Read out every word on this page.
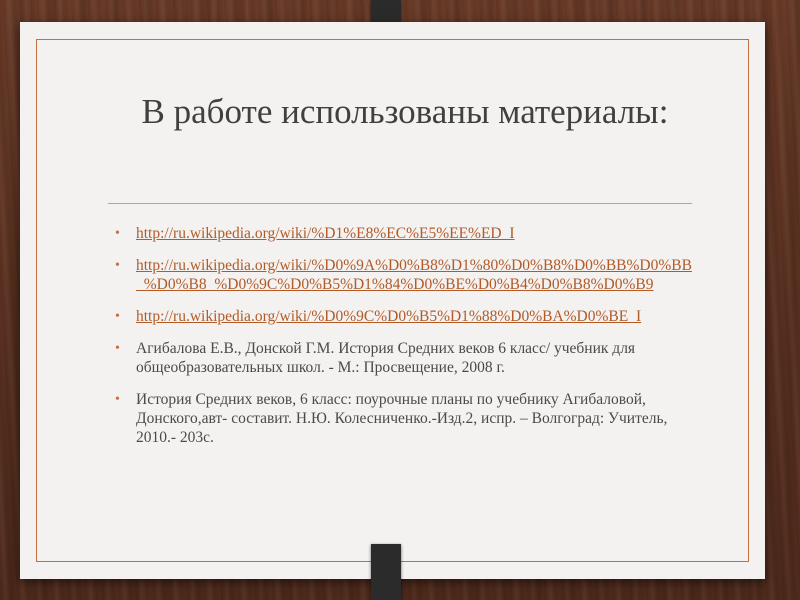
В работе использованы материалы:
• http://ru.wikipedia.org/wiki/%D1%E8%EC%E5%EE%ED_I
• http://ru.wikipedia.org/wiki/%D0%9A%D0%B8%D1%80%D0%B8%D0%BB%D0%BB_%D0%B8_%D0%9C%D0%B5%D1%84%D0%BE%D0%B4%D0%B8%D0%B9
• http://ru.wikipedia.org/wiki/%D0%9C%D0%B5%D1%88%D0%BA%D0%BE_I
• Агибалова Е.В., Донской Г.М. История Средних веков 6 класс/ учебник для общеобразовательных школ. - М.: Просвещение, 2008 г.
• История Средних веков, 6 класс: поурочные планы по учебнику Агибаловой, Донского,авт- составит. Н.Ю. Колесниченко.-Изд.2, испр. – Волгоград: Учитель, 2010.- 203с.
